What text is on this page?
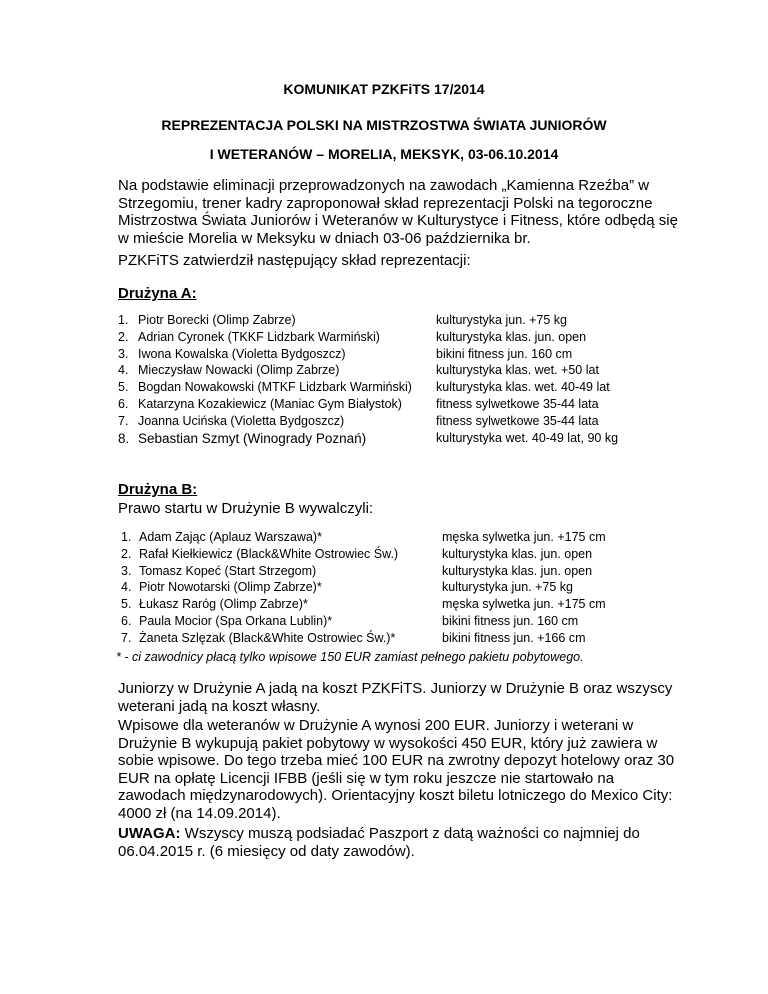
KOMUNIKAT PZKFiTS 17/2014
REPREZENTACJA POLSKI NA MISTRZOSTWA ŚWIATA JUNIORÓW
I WETERANÓW – MORELIA, MEKSYK, 03-06.10.2014
Na podstawie eliminacji przeprowadzonych na zawodach „Kamienna Rzeźba” w Strzegomiu, trener kadry zaproponował skład reprezentacji Polski na tegoroczne Mistrzostwa Świata Juniorów i Weteranów w Kulturystyce i Fitness, które odbędą się w mieście Morelia w Meksyku w dniach 03-06 października br.
PZKFiTS zatwierdził następujący skład reprezentacji:
Drużyna A:
1. Piotr Borecki (Olimp Zabrze)	kulturystyka jun. +75 kg
2. Adrian Cyronek (TKKF Lidzbark Warmiński)	kulturystyka klas. jun. open
3. Iwona Kowalska (Violetta Bydgoszcz)	bikini fitness jun. 160 cm
4. Mieczysław Nowacki (Olimp Zabrze)	kulturystyka klas. wet. +50 lat
5. Bogdan Nowakowski (MTKF Lidzbark Warmiński) kulturystyka klas. wet. 40-49 lat
6. Katarzyna Kozakiewicz (Maniac Gym Białystok)	fitness sylwetkowe 35-44 lata
7. Joanna Ucińska (Violetta Bydgoszcz)	fitness sylwetkowe 35-44 lata
8. Sebastian Szmyt (Winogrady Poznań)	kulturystyka wet. 40-49 lat, 90 kg
Drużyna B:
Prawo startu w Drużynie B wywalczyli:
1. Adam Zając (Aplauz Warszawa)*	męska sylwetka jun. +175 cm
2. Rafał Kiełkiewicz (Black&White Ostrowiec Św.)	kulturystyka klas. jun. open
3. Tomasz Kopeć (Start Strzegom)	kulturystyka klas. jun. open
4. Piotr Nowotarski (Olimp Zabrze)*	kulturystyka jun. +75 kg
5. Łukasz Raróg (Olimp Zabrze)*	męska sylwetka jun. +175 cm
6. Paula Mocior (Spa Orkana Lublin)*	bikini fitness jun. 160 cm
7. Żaneta Szlęzak (Black&White Ostrowiec Św.)*	bikini fitness jun. +166 cm
* - ci zawodnicy płacą tylko wpisowe 150 EUR zamiast pełnego pakietu pobytowego.
Juniorzy w Drużynie A jadą na koszt PZKFiTS. Juniorzy w Drużynie B oraz wszyscy weterani jadą na koszt własny.
Wpisowe dla weteranów w Drużynie A wynosi 200 EUR. Juniorzy i weterani w Drużynie B wykupują pakiet pobytowy w wysokości 450 EUR, który już zawiera w sobie wpisowe. Do tego trzeba mieć 100 EUR na zwrotny depozyt hotelowy oraz 30 EUR na opłatę Licencji IFBB (jeśli się w tym roku jeszcze nie startowało na zawodach międzynarodowych). Orientacyjny koszt biletu lotniczego do Mexico City: 4000 zł (na 14.09.2014).
UWAGA: Wszyscy muszą podsiadać Paszport z datą ważności co najmniej do 06.04.2015 r. (6 miesięcy od daty zawodów).
